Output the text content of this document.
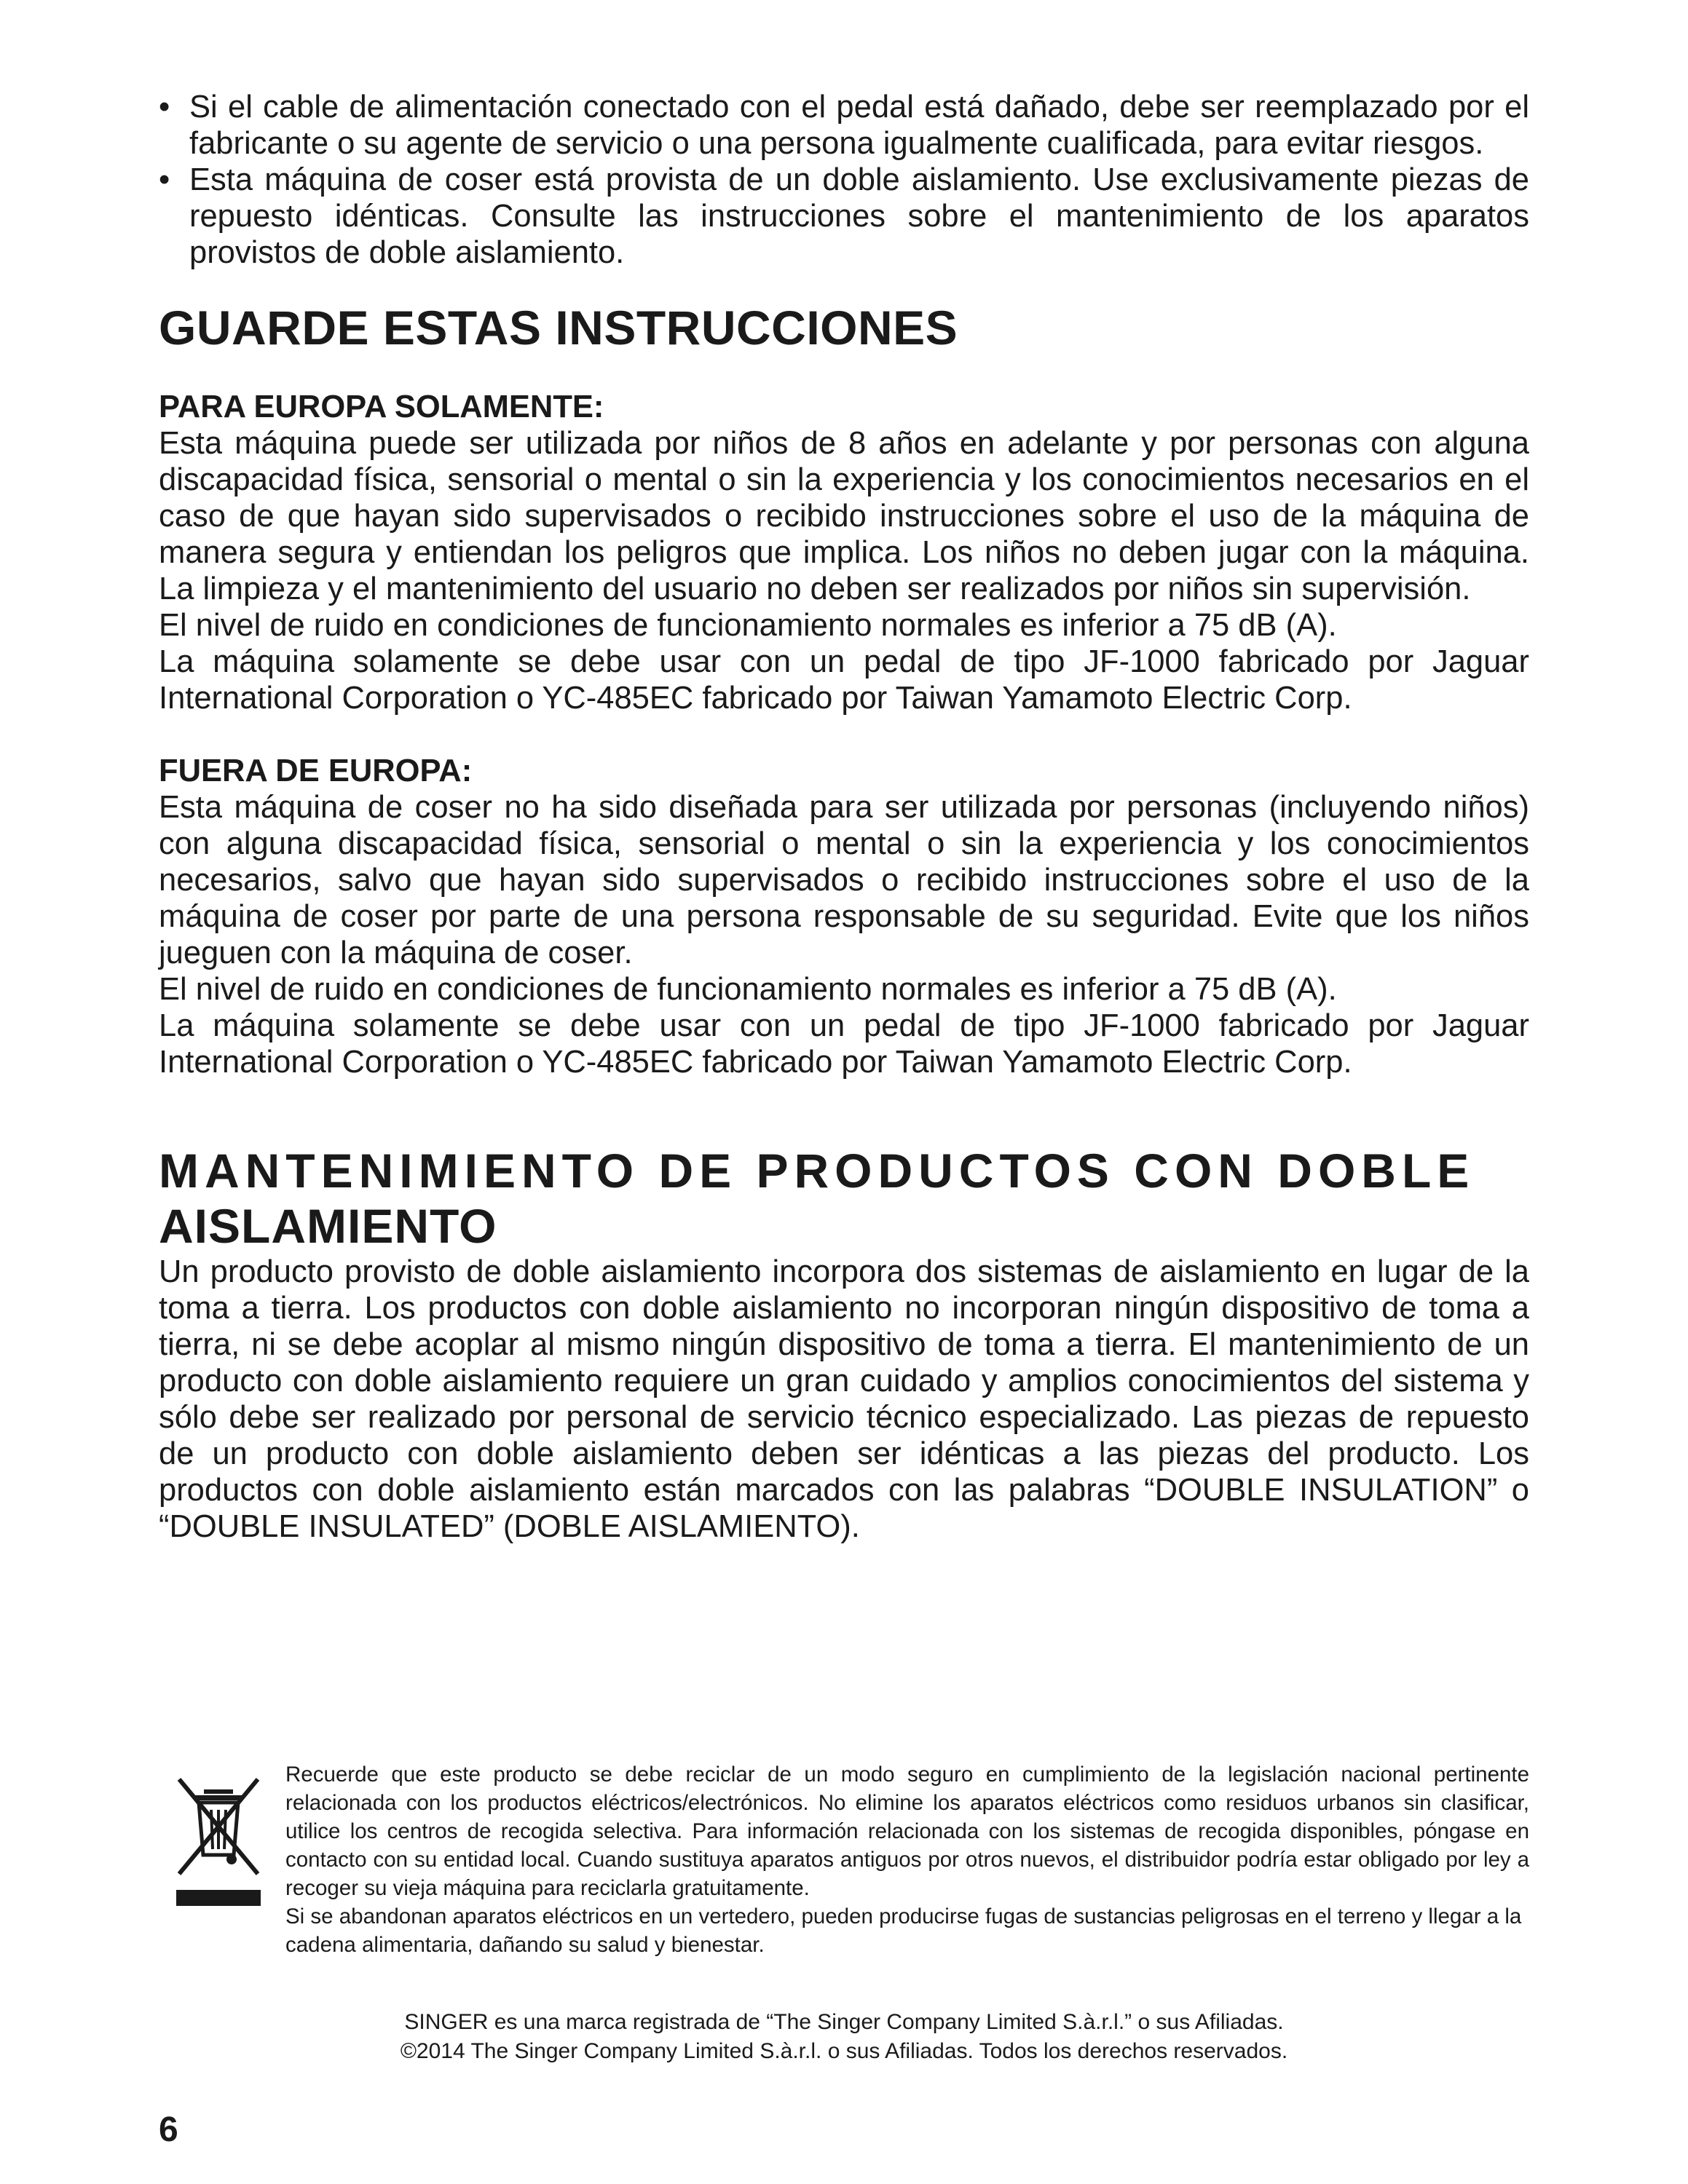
• Si el cable de alimentación conectado con el pedal está dañado, debe ser reemplazado por el fabricante o su agente de servicio o una persona igualmente cualificada, para evitar riesgos.
• Esta máquina de coser está provista de un doble aislamiento. Use exclusivamente piezas de repuesto idénticas. Consulte las instrucciones sobre el mantenimiento de los aparatos provistos de doble aislamiento.
GUARDE ESTAS INSTRUCCIONES
PARA EUROPA SOLAMENTE:

Esta máquina puede ser utilizada por niños de 8 años en adelante y por personas con alguna discapacidad física, sensorial o mental o sin la experiencia y los conocimientos necesarios en el caso de que hayan sido supervisados o recibido instrucciones sobre el uso de la máquina de manera segura y entiendan los peligros que implica. Los niños no deben jugar con la máquina. La limpieza y el mantenimiento del usuario no deben ser realizados por niños sin supervisión.

El nivel de ruido en condiciones de funcionamiento normales es inferior a 75 dB (A).

La máquina solamente se debe usar con un pedal de tipo JF-1000 fabricado por Jaguar International Corporation o YC-485EC fabricado por Taiwan Yamamoto Electric Corp.

FUERA DE EUROPA:

Esta máquina de coser no ha sido diseñada para ser utilizada por personas (incluyendo niños) con alguna discapacidad física, sensorial o mental o sin la experiencia y los conocimientos necesarios, salvo que hayan sido supervisados o recibido instrucciones sobre el uso de la máquina de coser por parte de una persona responsable de su seguridad. Evite que los niños jueguen con la máquina de coser.

El nivel de ruido en condiciones de funcionamiento normales es inferior a 75 dB (A).

La máquina solamente se debe usar con un pedal de tipo JF-1000 fabricado por Jaguar International Corporation o YC-485EC fabricado por Taiwan Yamamoto Electric Corp.

MANTENIMIENTO DE PRODUCTOS CON DOBLE
AISLAMIENTO

Un producto provisto de doble aislamiento incorpora dos sistemas de aislamiento en lugar de la toma a tierra. Los productos con doble aislamiento no incorporan ningún dispositivo de toma a tierra, ni se debe acoplar al mismo ningún dispositivo de toma a tierra. El mantenimiento de un producto con doble aislamiento requiere un gran cuidado y amplios conocimientos del sistema y sólo debe ser realizado por personal de servicio técnico especializado. Las piezas de repuesto de un producto con doble aislamiento deben ser idénticas a las piezas del producto. Los productos con doble aislamiento están marcados con las palabras “DOUBLE INSULATION” o “DOUBLE INSULATED” (DOBLE AISLAMIENTO).

Recuerde que este producto se debe reciclar de un modo seguro en cumplimiento de la legislación nacional pertinente relacionada con los productos eléctricos/electrónicos. No elimine los aparatos eléctricos como residuos urbanos sin clasificar, utilice los centros de recogida selectiva. Para información relacionada con los sistemas de recogida disponibles, póngase en contacto con su entidad local. Cuando sustituya aparatos antiguos por otros nuevos, el distribuidor podría estar obligado por ley a recoger su vieja máquina para reciclarla gratuitamente.
Si se abandonan aparatos eléctricos en un vertedero, pueden producirse fugas de sustancias peligrosas en el terreno y llegar a la cadena alimentaria, dañando su salud y bienestar.

SINGER es una marca registrada de “The Singer Company Limited S.à.r.l.” o sus Afiliadas.
©2014 The Singer Company Limited S.à.r.l. o sus Afiliadas. Todos los derechos reservados.
6
